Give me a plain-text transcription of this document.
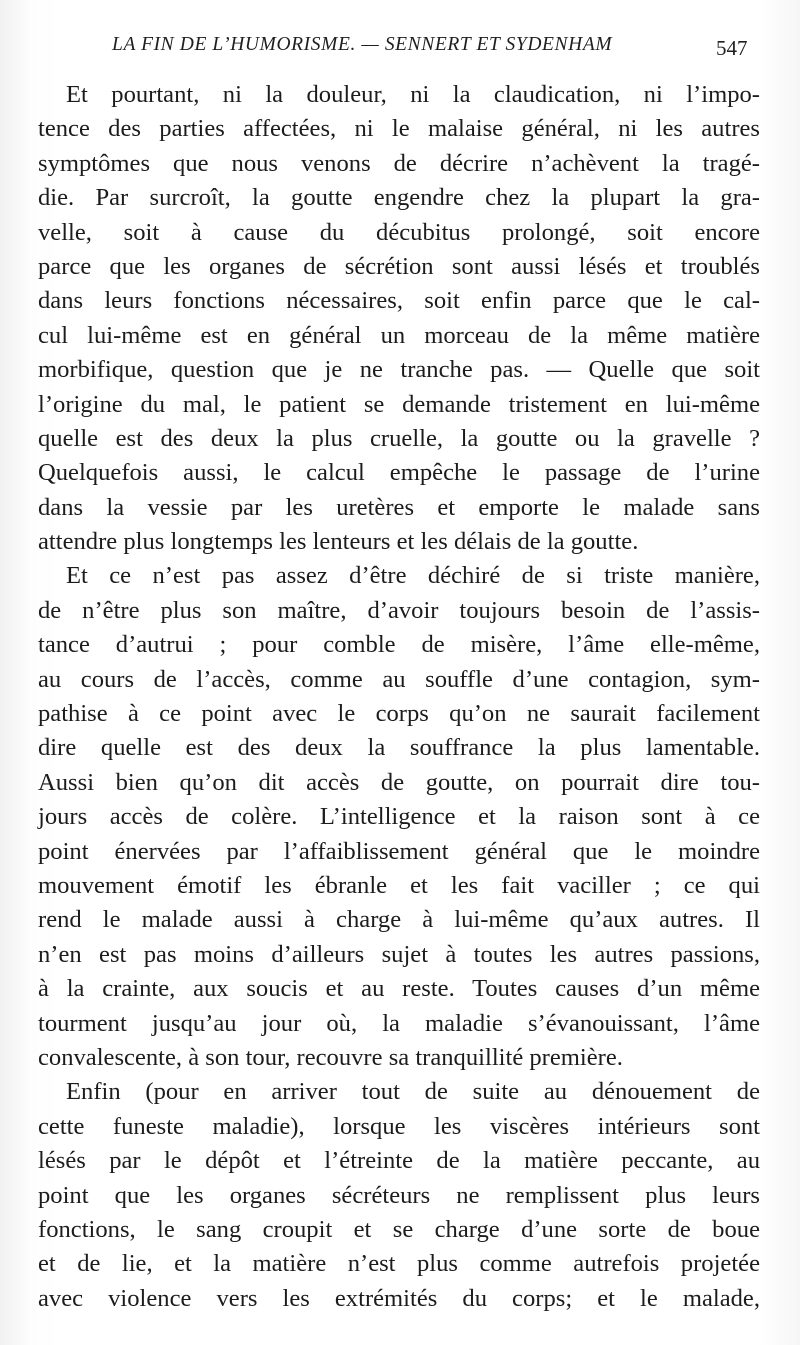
LA FIN DE L’HUMORISME. — SENNERT ET SYDENHAM	547
Et pourtant, ni la douleur, ni la claudication, ni l’impo-
tence des parties affectées, ni le malaise général, ni les autres
symptômes que nous venons de décrire n’achèvent la tragé-
die. Par surcroît, la goutte engendre chez la plupart la gra-
velle, soit à cause du décubitus prolongé, soit encore
parce que les organes de sécrétion sont aussi lésés et troublés
dans leurs fonctions nécessaires, soit enfin parce que le cal-
cul lui-même est en général un morceau de la même matière
morbifique, question que je ne tranche pas. — Quelle que soit
l’origine du mal, le patient se demande tristement en lui-même
quelle est des deux la plus cruelle, la goutte ou la gravelle ?
Quelquefois aussi, le calcul empêche le passage de l’urine
dans la vessie par les uretères et emporte le malade sans
attendre plus longtemps les lenteurs et les délais de la goutte.
Et ce n’est pas assez d’être déchiré de si triste manière,
de n’être plus son maître, d’avoir toujours besoin de l’assis-
tance d’autrui ; pour comble de misère, l’âme elle-même,
au cours de l’accès, comme au souffle d’une contagion, sym-
pathise à ce point avec le corps qu’on ne saurait facilement
dire quelle est des deux la souffrance la plus lamentable.
Aussi bien qu’on dit accès de goutte, on pourrait dire tou-
jours accès de colère. L’intelligence et la raison sont à ce
point énervées par l’affaiblissement général que le moindre
mouvement émotif les ébranle et les fait vaciller ; ce qui
rend le malade aussi à charge à lui-même qu’aux autres. Il
n’en est pas moins d’ailleurs sujet à toutes les autres passions,
à la crainte, aux soucis et au reste. Toutes causes d’un même
tourment jusqu’au jour où, la maladie s’évanouissant, l’âme
convalescente, à son tour, recouvre sa tranquillité première.
Enfin (pour en arriver tout de suite au dénouement de
cette funeste maladie), lorsque les viscères intérieurs sont
lésés par le dépôt et l’étreinte de la matière peccante, au
point que les organes sécréteurs ne remplissent plus leurs
fonctions, le sang croupit et se charge d’une sorte de boue
et de lie, et la matière n’est plus comme autrefois projetée
avec violence vers les extrémités du corps; et le malade,
